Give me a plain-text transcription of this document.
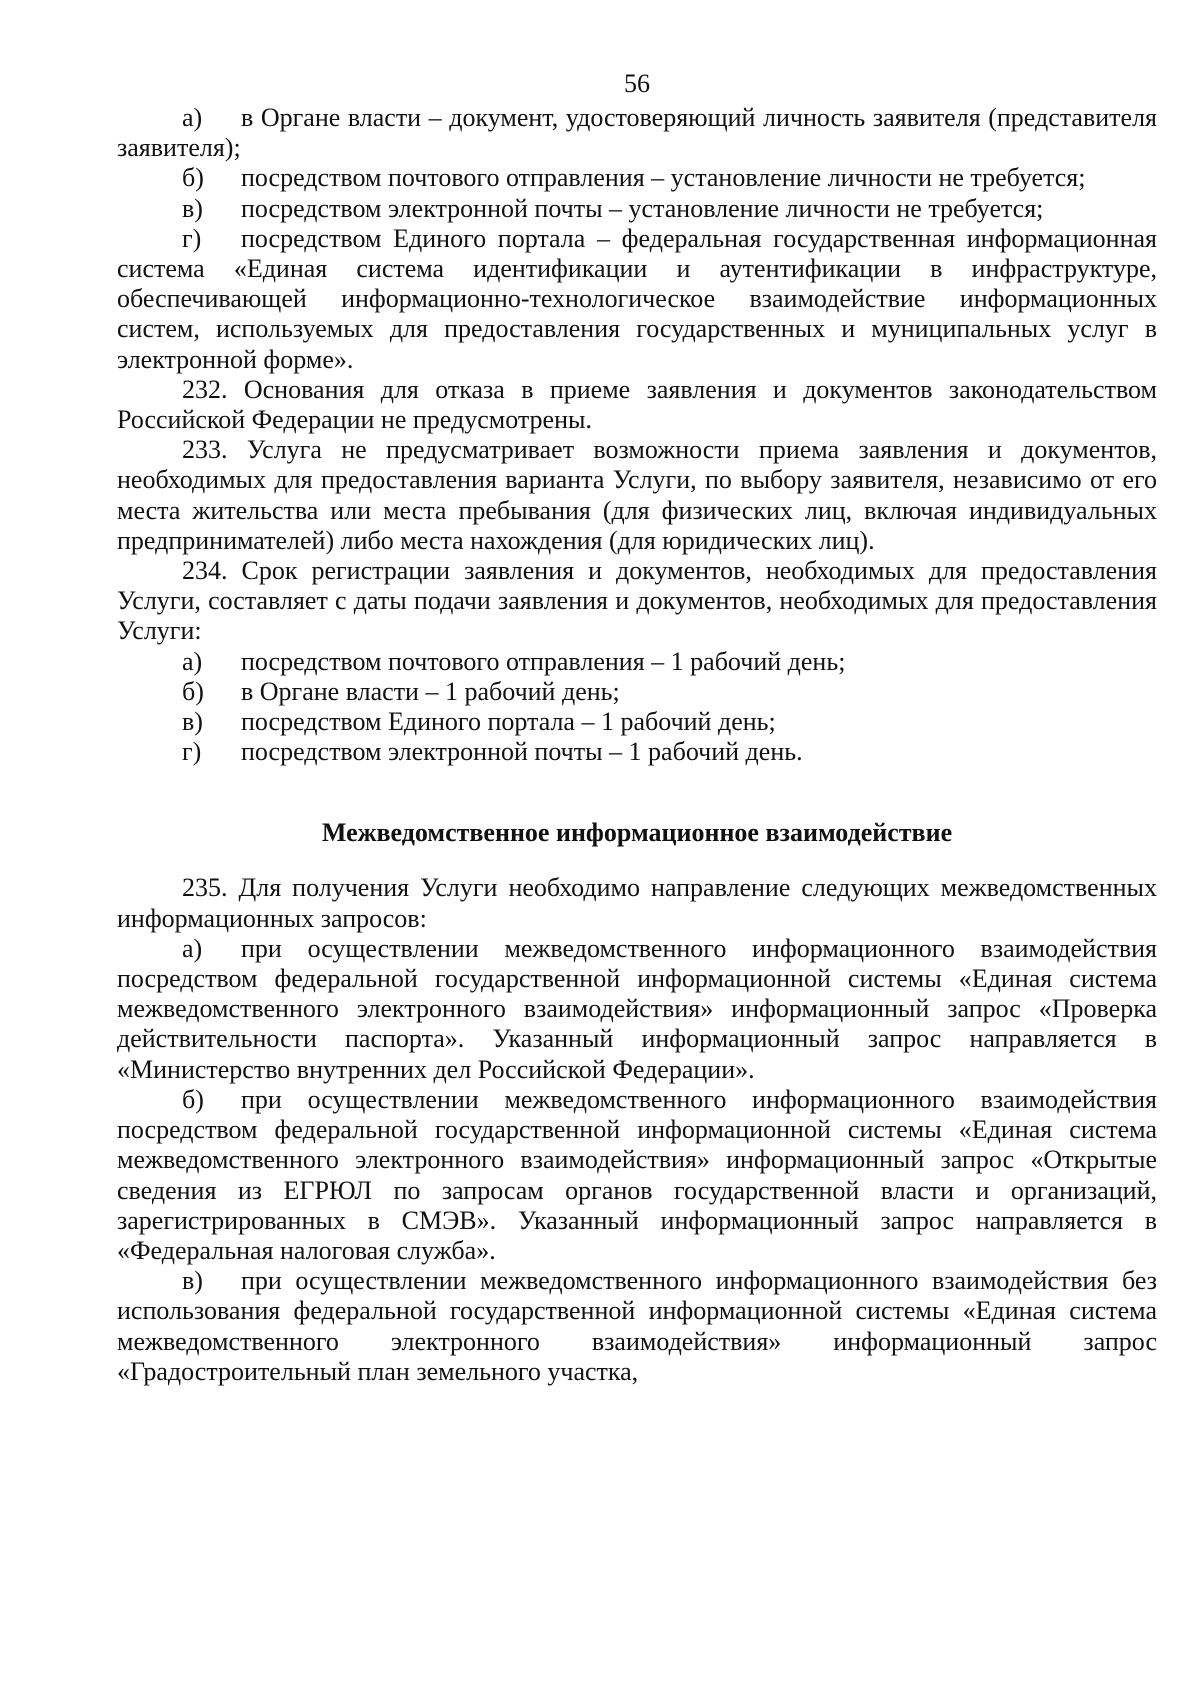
56

а) в Органе власти – документ, удостоверяющий личность заявителя (представителя заявителя);

б) посредством почтового отправления – установление личности не требуется;

в) посредством электронной почты – установление личности не требуется;

г) посредством Единого портала – федеральная государственная информационная система «Единая система идентификации и аутентификации в инфраструктуре, обеспечивающей информационно-технологическое взаимодействие информационных систем, используемых для предоставления государственных и муниципальных услуг в электронной форме».

232. Основания для отказа в приеме заявления и документов законодательством Российской Федерации не предусмотрены.

233. Услуга не предусматривает возможности приема заявления и документов, необходимых для предоставления варианта Услуги, по выбору заявителя, независимо от его места жительства или места пребывания (для физических лиц, включая индивидуальных предпринимателей) либо места нахождения (для юридических лиц).

234. Срок регистрации заявления и документов, необходимых для предоставления Услуги, составляет с даты подачи заявления и документов, необходимых для предоставления Услуги:

а)	посредством почтового отправления – 1 рабочий день;
б)	в Органе власти – 1 рабочий день;
в)	посредством Единого портала – 1 рабочий день;
г)	посредством электронной почты – 1 рабочий день.
Межведомственное информационное взаимодействие

235. Для получения Услуги необходимо направление следующих межведомственных информационных запросов:

а) при осуществлении межведомственного информационного взаимодействия посредством федеральной государственной информационной системы «Единая система межведомственного электронного взаимодействия» информационный запрос «Проверка действительности паспорта». Указанный информационный запрос направляется в «Министерство внутренних дел Российской Федерации».

б) при осуществлении межведомственного информационного взаимодействия посредством федеральной государственной информационной системы «Единая система межведомственного электронного взаимодействия» информационный запрос «Открытые сведения из ЕГРЮЛ по запросам органов государственной власти и организаций, зарегистрированных в СМЭВ». Указанный информационный запрос направляется в «Федеральная налоговая служба».

в) при осуществлении межведомственного информационного взаимодействия без использования федеральной государственной информационной системы «Единая система межведомственного электронного взаимодействия» информационный запрос «Градостроительный план земельного участка,
